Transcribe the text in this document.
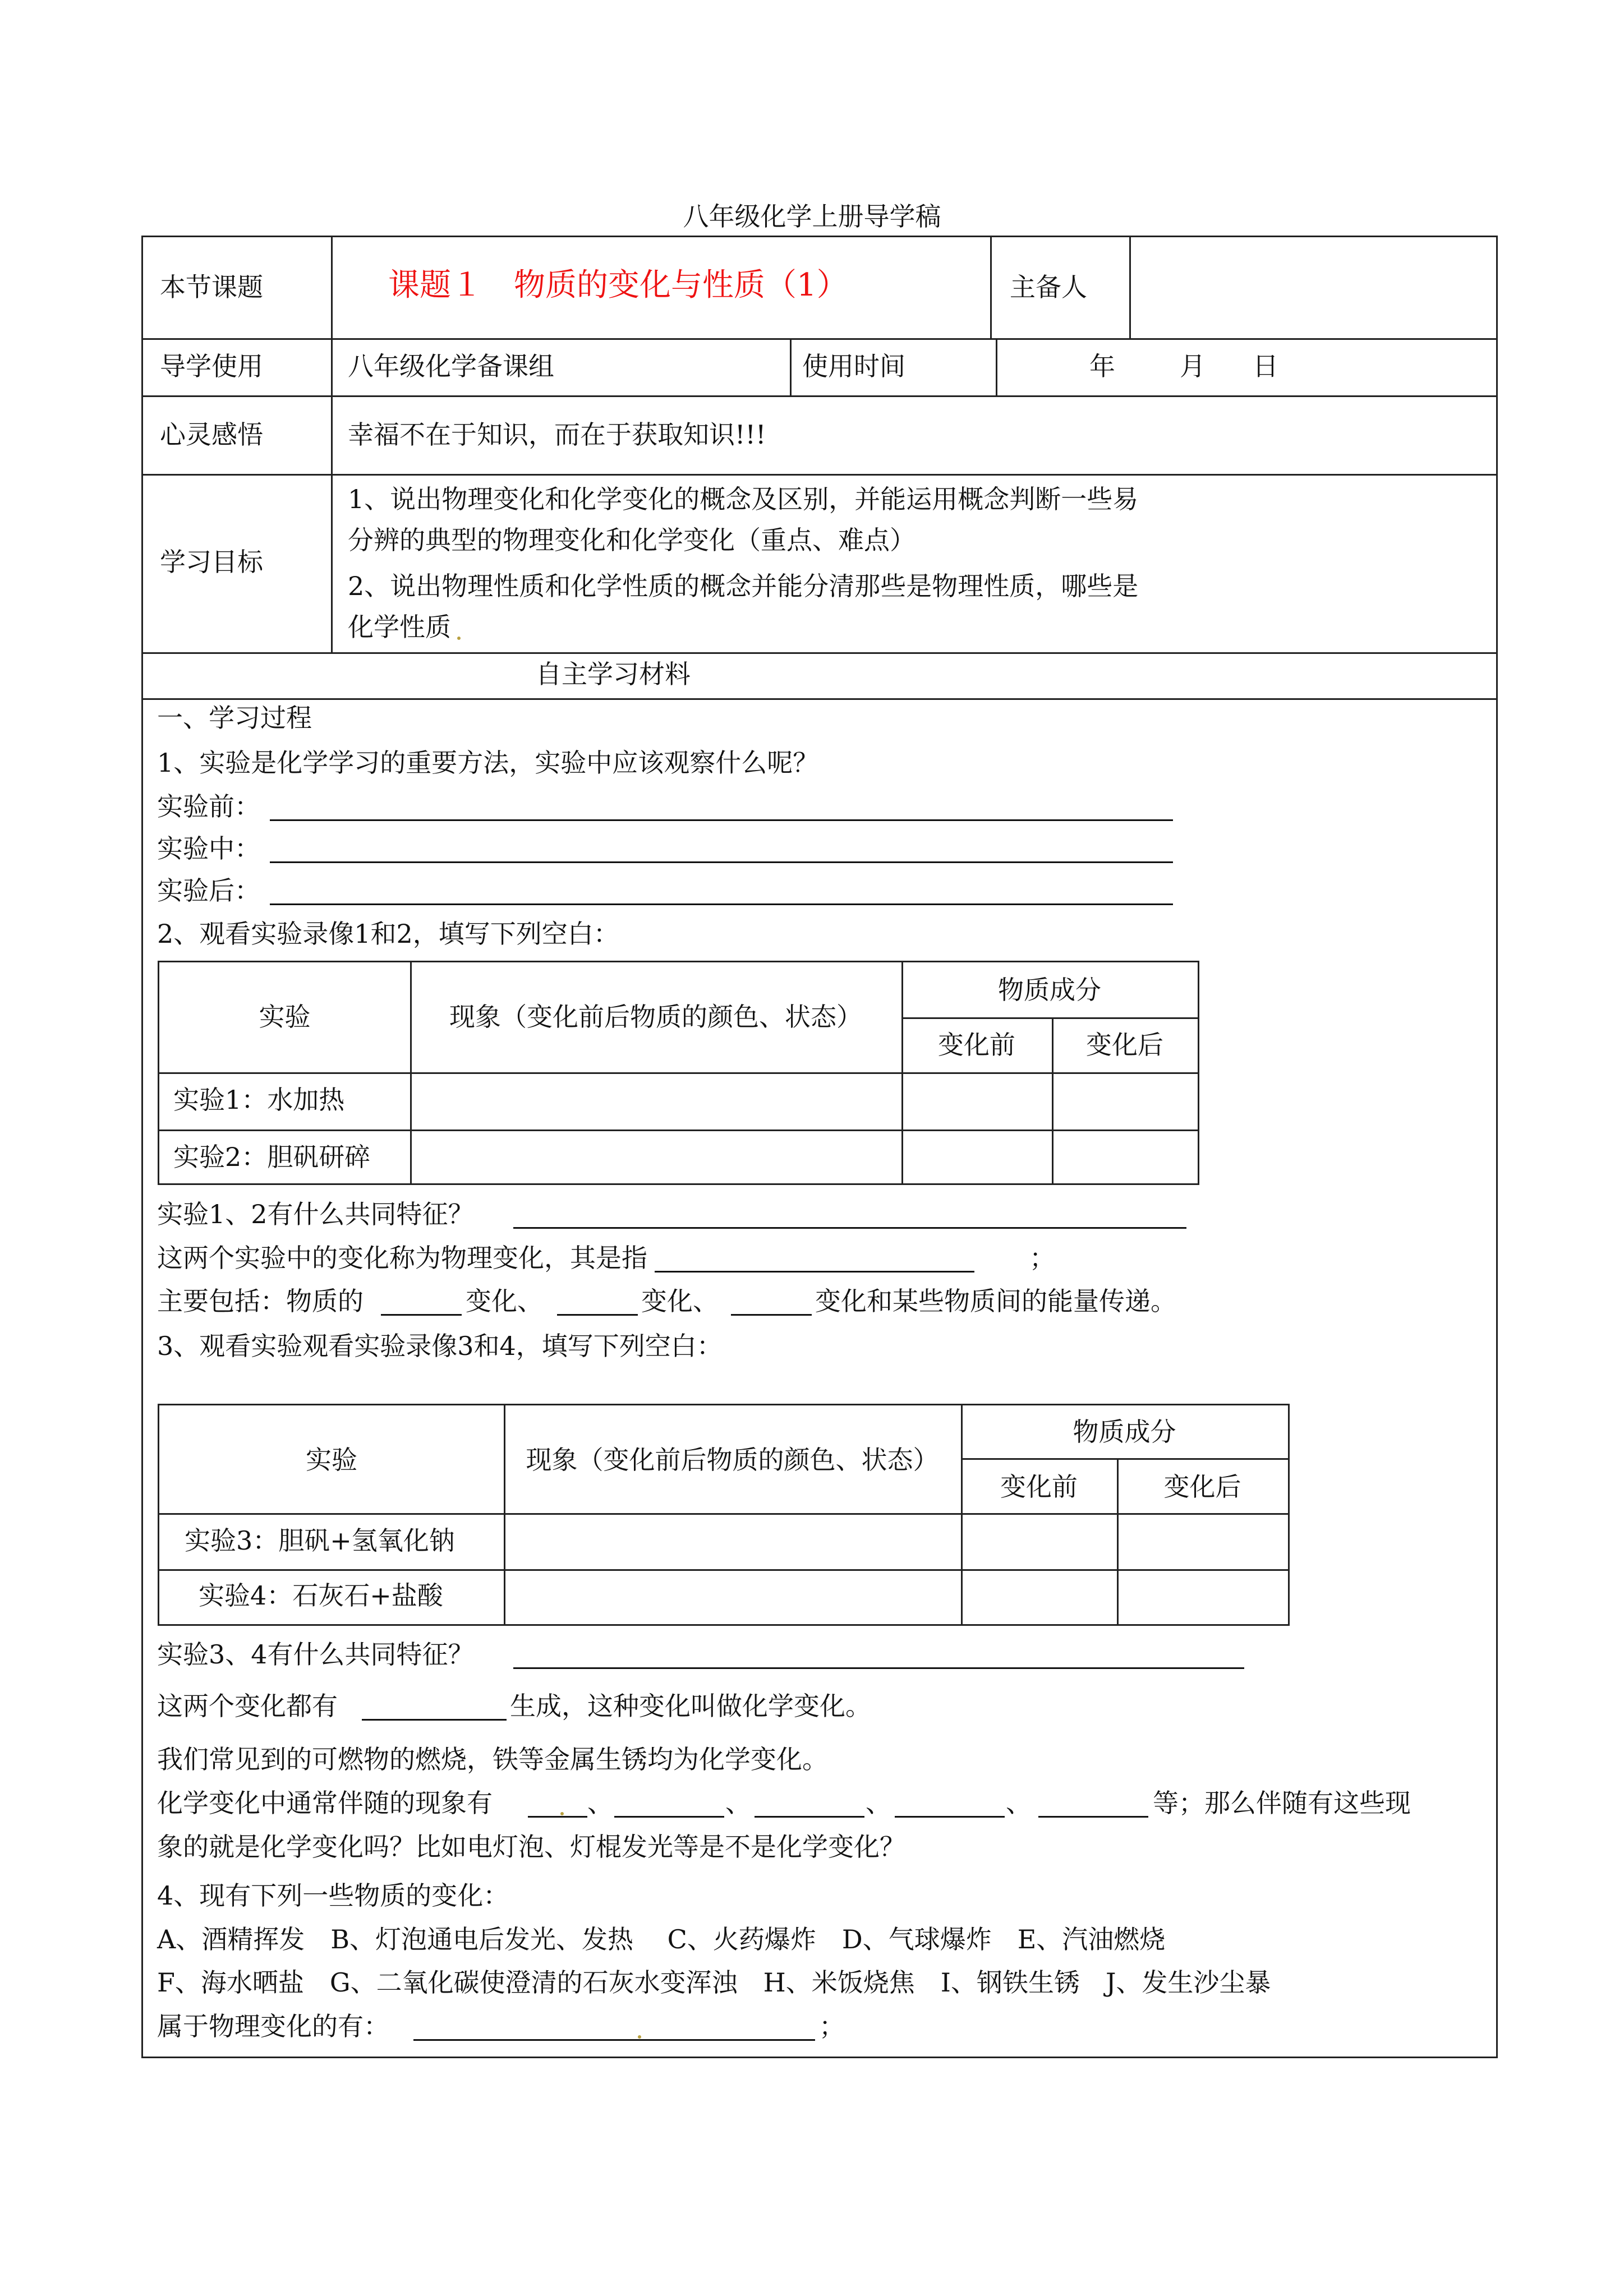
八年级化学上册导学稿
本节课题	课题１　物质的变化与性质（1）	主备人
导学使用	八年级化学备课组	使用时间	年	月 日
心灵感悟	幸福不在于知识，而在于获取知识!!!
学习目标
1、说出物理变化和化学变化的概念及区别，并能运用概念判断一些易
分辨的典型的物理变化和化学变化（重点、难点）
2、说出物理性质和化学性质的概念并能分清那些是物理性质，哪些是
化学性质
自主学习材料
一、学习过程
1、实验是化学学习的重要方法，实验中应该观察什么呢？
实验前：
实验中：
实验后：
2、观看实验录像1和2，填写下列空白：
实验	现象（变化前后物质的颜色、状态）
物质成分
变化前	变化后
实验1：水加热
实验2：胆矾研碎
实验1、2有什么共同特征？
这两个实验中的变化称为物理变化，其是指	；
主要包括：物质的	变化、	变化、	变化和某些物质间的能量传递。
3、观看实验观看实验录像3和4，填写下列空白：
实验	现象（变化前后物质的颜色、状态）
物质成分
变化前	变化后
实验3：胆矾+氢氧化钠
实验4：石灰石+盐酸
实验3、4有什么共同特征？
这两个变化都有	生成，这种变化叫做化学变化。
我们常见到的可燃物的燃烧，铁等金属生锈均为化学变化。
化学变化中通常伴随的现象有	、	、	、	、	等；那么伴随有这些现
象的就是化学变化吗？比如电灯泡、灯棍发光等是不是化学变化？
4、现有下列一些物质的变化：
A、酒精挥发　B、灯泡通电后发光、发热　 C、火药爆炸　D、气球爆炸　E、汽油燃烧
F、海水晒盐　G、二氧化碳使澄清的石灰水变浑浊　H、米饭烧焦　I、钢铁生锈　J、发生沙尘暴
属于物理变化的有：	；
